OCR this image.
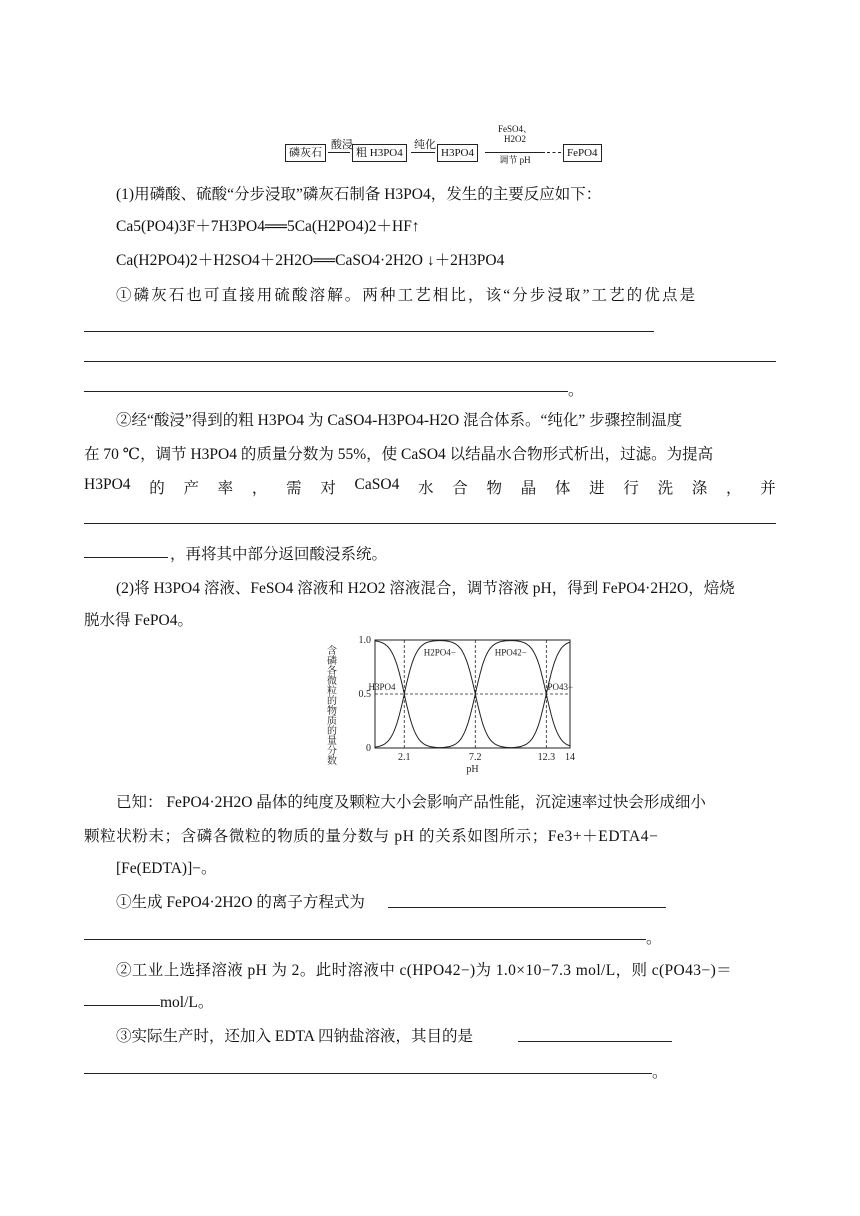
磷灰石
酸浸
粗 H3PO4
纯化
H3PO4
FeSO4、
H2O2
调节 pH
FePO4
(1)用磷酸、硫酸“分步浸取”磷灰石制备 H3PO4，发生的主要反应如下：
Ca5(PO4)3F＋7H3PO4══5Ca(H2PO4)2＋HF↑
Ca(H2PO4)2＋H2SO4＋2H2O══CaSO4·2H2O ↓＋2H3PO4
①磷灰石也可直接用硫酸溶解。两种工艺相比，该“分步浸取”工艺的优点是
。
②经“酸浸”得到的粗 H3PO4 为 CaSO4-H3PO4-H2O 混合体系。“纯化” 步骤控制温度
在 70 ℃，调节 H3PO4 的质量分数为 55%，使 CaSO4 以结晶水合物形式析出，过滤。为提高
H3PO4 的 产 率 ， 需 对 CaSO4 水 合 物 晶 体 进 行 洗 涤 ， 并
，再将其中部分返回酸浸系统。
(2)将 H3PO4 溶液、FeSO4 溶液和 H2O2 溶液混合，调节溶液 pH，得到 FePO4·2H2O，焙烧
脱水得 FePO4。
含磷各微粒的物质的量分数	0
0.5
1.0
2.1	7.2	12.3 14
pH
H3PO4
H2PO4−	HPO42−
PO43−
已知： FePO4·2H2O 晶体的纯度及颗粒大小会影响产品性能，沉淀速率过快会形成细小
颗粒状粉末；含磷各微粒的物质的量分数与 pH 的关系如图所示；Fe3+＋EDTA4−
[Fe(EDTA)]−。
①生成 FePO4·2H2O 的离子方程式为
。
②工业上选择溶液 pH 为 2。此时溶液中 c(HPO42−)为 1.0×10−7.3 mol/L，则 c(PO43−)＝
mol/L。
③实际生产时，还加入 EDTA 四钠盐溶液，其目的是
。
